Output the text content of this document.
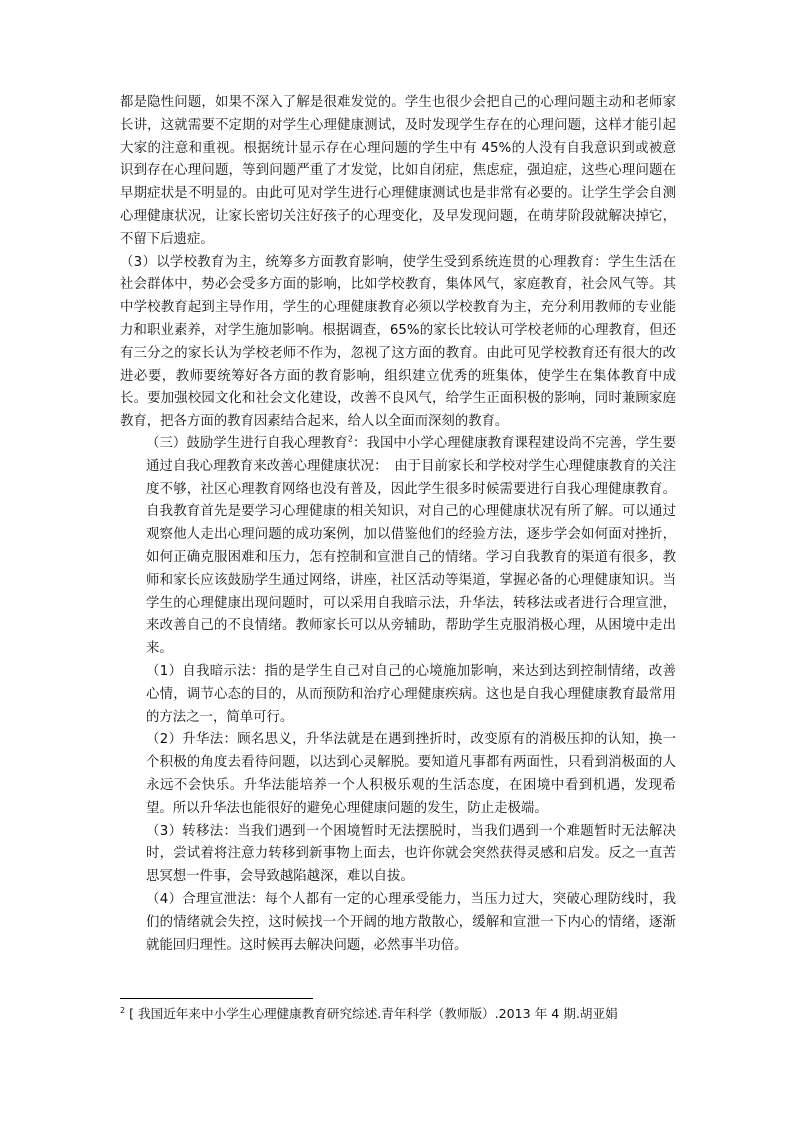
都是隐性问题，如果不深入了解是很难发觉的。学生也很少会把自己的心理问题主动和老师家长讲，这就需要不定期的对学生心理健康测试，及时发现学生存在的心理问题，这样才能引起大家的注意和重视。根据统计显示存在心理问题的学生中有 45%的人没有自我意识到或被意识到存在心理问题，等到问题严重了才发觉，比如自闭症，焦虑症，强迫症，这些心理问题在早期症状是不明显的。由此可见对学生进行心理健康测试也是非常有必要的。让学生学会自测心理健康状况，让家长密切关注好孩子的心理变化，及早发现问题，在萌芽阶段就解决掉它，不留下后遗症。

（3）以学校教育为主，统筹多方面教育影响，使学生受到系统连贯的心理教育：学生生活在社会群体中，势必会受多方面的影响，比如学校教育，集体风气，家庭教育，社会风气等。其中学校教育起到主导作用，学生的心理健康教育必须以学校教育为主，充分利用教师的专业能力和职业素养，对学生施加影响。根据调查，65%的家长比较认可学校老师的心理教育，但还有三分之的家长认为学校老师不作为，忽视了这方面的教育。由此可见学校教育还有很大的改进必要，教师要统筹好各方面的教育影响，组织建立优秀的班集体，使学生在集体教育中成长。要加强校园文化和社会文化建设，改善不良风气，给学生正面积极的影响，同时兼顾家庭教育，把各方面的教育因素结合起来，给人以全面而深刻的教育。

（三）鼓励学生进行自我心理教育$^2$：我国中小学心理健康教育课程建设尚不完善，学生要通过自我心理教育来改善心理健康状况：　由于目前家长和学校对学生心理健康教育的关注度不够，社区心理教育网络也没有普及，因此学生很多时候需要进行自我心理健康教育。自我教育首先是要学习心理健康的相关知识，对自己的心理健康状况有所了解。可以通过观察他人走出心理问题的成功案例，加以借鉴他们的经验方法，逐步学会如何面对挫折，如何正确克服困难和压力，怎有控制和宣泄自己的情绪。学习自我教育的渠道有很多，教师和家长应该鼓励学生通过网络，讲座，社区活动等渠道，掌握必备的心理健康知识。当学生的心理健康出现问题时，可以采用自我暗示法，升华法，转移法或者进行合理宣泄，来改善自己的不良情绪。教师家长可以从旁辅助，帮助学生克服消极心理，从困境中走出来。

（1）自我暗示法：指的是学生自己对自己的心境施加影响，来达到达到控制情绪，改善心情，调节心态的目的，从而预防和治疗心理健康疾病。这也是自我心理健康教育最常用的方法之一，简单可行。

（2）升华法：顾名思义，升华法就是在遇到挫折时，改变原有的消极压抑的认知，换一个积极的角度去看待问题，以达到心灵解脱。要知道凡事都有两面性，只看到消极面的人永远不会快乐。升华法能培养一个人积极乐观的生活态度，在困境中看到机遇，发现希望。所以升华法也能很好的避免心理健康问题的发生，防止走极端。

（3）转移法：当我们遇到一个困境暂时无法摆脱时，当我们遇到一个难题暂时无法解决时，尝试着将注意力转移到新事物上面去，也许你就会突然获得灵感和启发。反之一直苦思冥想一件事，会导致越陷越深，难以自拔。

（4）合理宣泄法：每个人都有一定的心理承受能力，当压力过大，突破心理防线时，我们的情绪就会失控，这时候找一个开阔的地方散散心，缓解和宣泄一下内心的情绪，逐渐就能回归理性。这时候再去解决问题，必然事半功倍。

$^2$ [ 我国近年来中小学生心理健康教育研究综述.青年科学（教师版）.2013 年 4 期.胡亚娟
